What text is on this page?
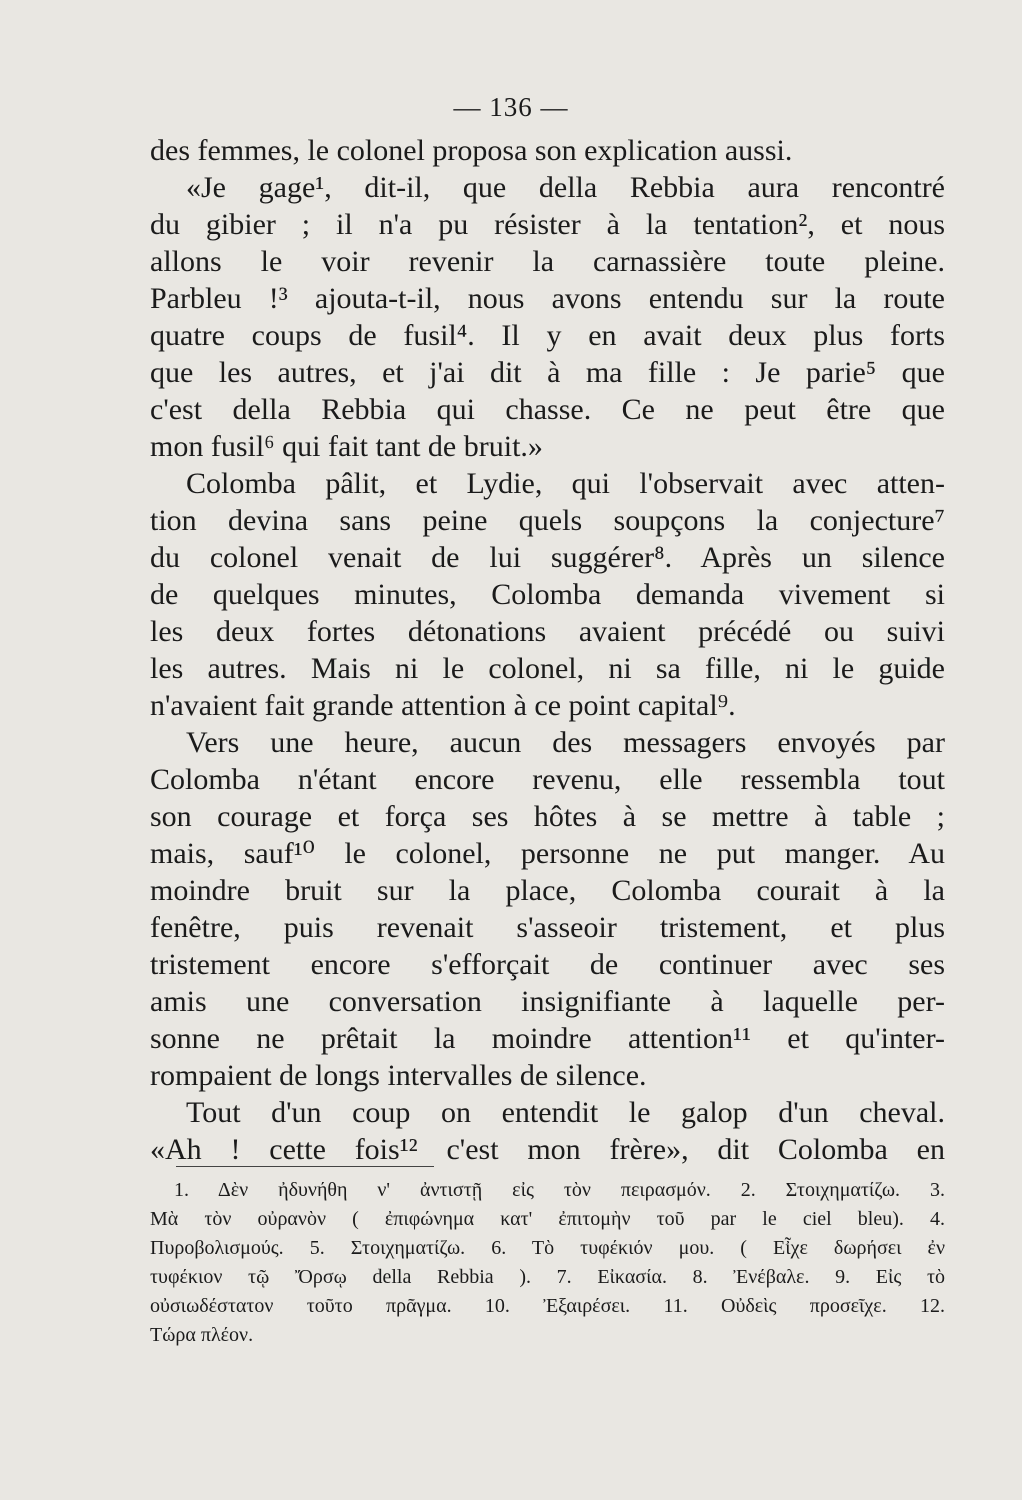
— 136 —
des femmes, le colonel proposa son explication aussi.
«Je gage¹, dit-il, que della Rebbia aura rencontré
du gibier ; il n'a pu résister à la tentation², et nous
allons le voir revenir la carnassière toute pleine.
Parbleu !³ ajouta-t-il, nous avons entendu sur la route
quatre coups de fusil⁴. Il y en avait deux plus forts
que les autres, et j'ai dit à ma fille : Je parie⁵ que
c'est della Rebbia qui chasse. Ce ne peut être que
mon fusil⁶ qui fait tant de bruit.»
Colomba pâlit, et Lydie, qui l'observait avec atten-
tion devina sans peine quels soupçons la conjecture⁷
du colonel venait de lui suggérer⁸. Après un silence
de quelques minutes, Colomba demanda vivement si
les deux fortes détonations avaient précédé ou suivi
les autres. Mais ni le colonel, ni sa fille, ni le guide
n'avaient fait grande attention à ce point capital⁹.
Vers une heure, aucun des messagers envoyés par
Colomba n'étant encore revenu, elle ressembla tout
son courage et força ses hôtes à se mettre à table ;
mais, sauf¹⁰ le colonel, personne ne put manger. Au
moindre bruit sur la place, Colomba courait à la
fenêtre, puis revenait s'asseoir tristement, et plus
tristement encore s'efforçait de continuer avec ses
amis une conversation insignifiante à laquelle per-
sonne ne prêtait la moindre attention¹¹ et qu'inter-
rompaient de longs intervalles de silence.
Tout d'un coup on entendit le galop d'un cheval.
«Ah ! cette fois¹² c'est mon frère», dit Colomba en
1. Δὲν ἠδυνήθη ν' ἀντιστῇ εἰς τὸν πειρασμόν. 2. Στοιχηματίζω. 3.
Μὰ τὸν οὐρανὸν ( ἐπιφώνημα κατ' ἐπιτομὴν τοῦ par le ciel bleu). 4.
Πυροβολισμούς. 5. Στοιχηματίζω. 6. Τὸ τυφέκιόν μου. ( Εἶχε δωρήσει ἐν
τυφέκιον τῷ Ὄρσῳ della Rebbia ). 7. Εἰκασία. 8. Ἐνέβαλε. 9. Εἰς τὸ
οὐσιωδέστατον τοῦτο πρᾶγμα. 10. Ἐξαιρέσει. 11. Οὐδεὶς προσεῖχε. 12.
Τώρα πλέον.
